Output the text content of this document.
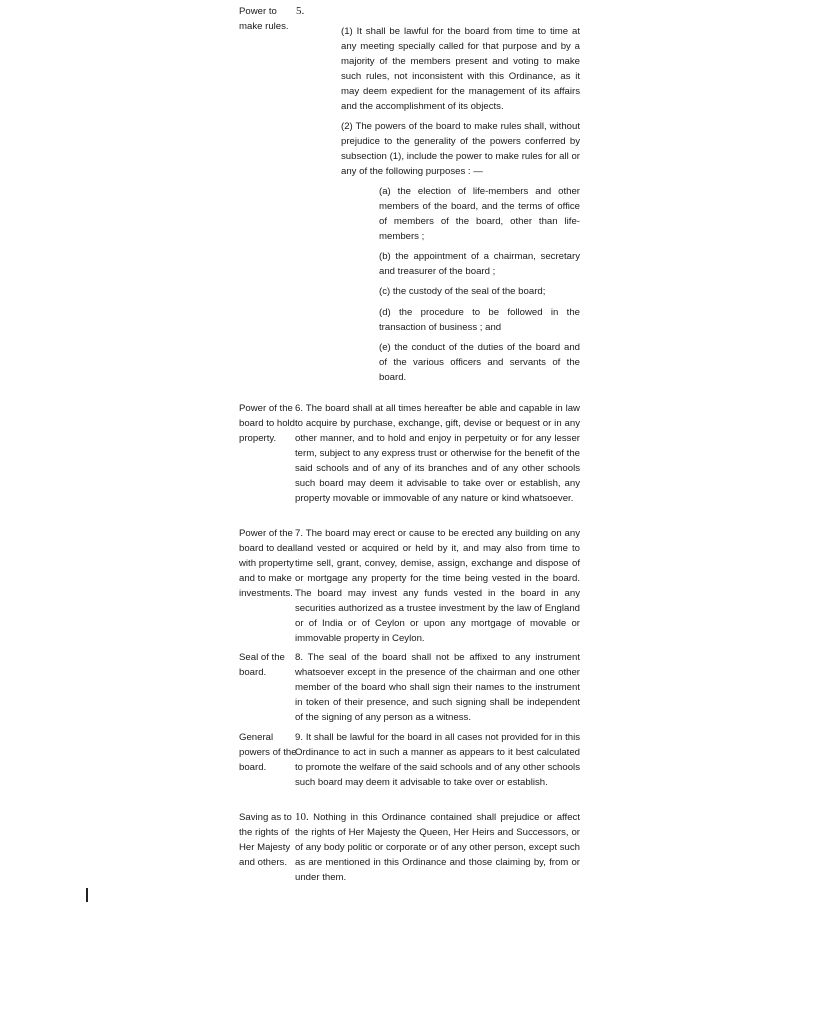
Power to make rules.
5.
(1) It shall be lawful for the board from time to time at any meeting specially called for that purpose and by a majority of the members present and voting to make such rules, not inconsistent with this Ordinance, as it may deem expedient for the management of its affairs and the accomplishment of its objects.
(2) The powers of the board to make rules shall, without prejudice to the generality of the powers conferred by subsection (1), include the power to make rules for all or any of the following purposes : —
(a) the election of life-members and other members of the board, and the terms of office of members of the board, other than life-members ;
(b) the appointment of a chairman, secretary and treasurer of the board ;
(c) the custody of the seal of the board;
(d) the procedure to be followed in the transaction of business ; and
(e) the conduct of the duties of the board and of the various officers and servants of the board.
Power of the board to hold property.
6. The board shall at all times hereafter be able and capable in law to acquire by purchase, exchange, gift, devise or bequest or in any other manner, and to hold and enjoy in perpetuity or for any lesser term, subject to any express trust or otherwise for the benefit of the said schools and of any of its branches and of any other schools such board may deem it advisable to take over or establish, any property movable or immovable of any nature or kind whatsoever.
Power of the board to deal with property and to make investments.
7. The board may erect or cause to be erected any building on any land vested or acquired or held by it, and may also from time to time sell, grant, convey, demise, assign, exchange and dispose of or mortgage any property for the time being vested in the board. The board may invest any funds vested in the board in any securities authorized as a trustee investment by the law of England or of India or of Ceylon or upon any mortgage of movable or immovable property in Ceylon.
Seal of the board.
8. The seal of the board shall not be affixed to any instrument whatsoever except in the presence of the chairman and one other member of the board who shall sign their names to the instrument in token of their presence, and such signing shall be independent of the signing of any person as a witness.
General powers of the board.
9. It shall be lawful for the board in all cases not provided for in this Ordinance to act in such a manner as appears to it best calculated to promote the welfare of the said schools and of any other schools such board may deem it advisable to take over or establish.
Saving as to the rights of Her Majesty and others.
10. Nothing in this Ordinance contained shall prejudice or affect the rights of Her Majesty the Queen, Her Heirs and Successors, or of any body politic or corporate or of any other person, except such as are mentioned in this Ordinance and those claiming by, from or under them.
